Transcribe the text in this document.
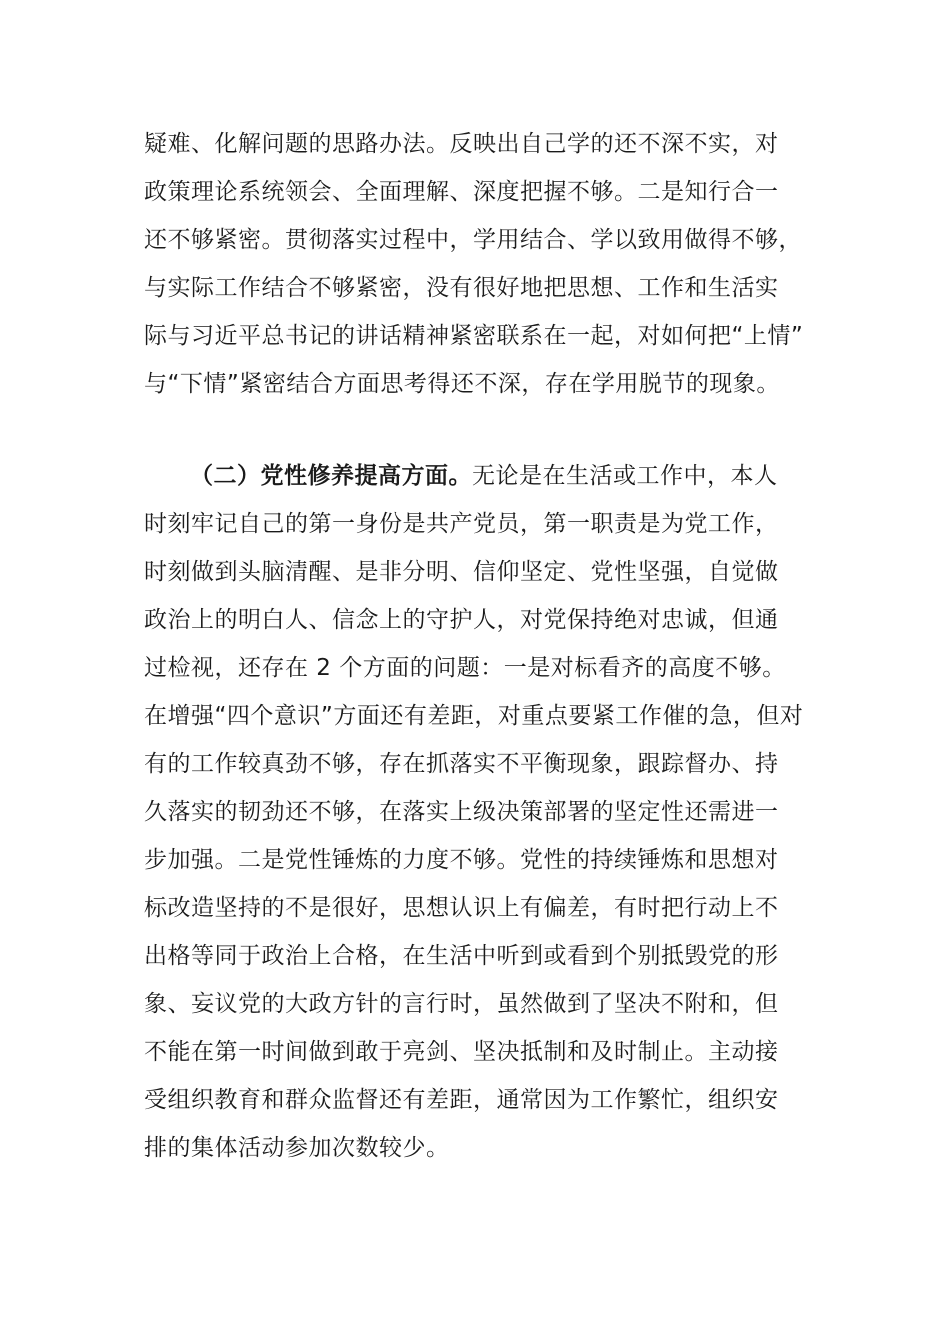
疑难、化解问题的思路办法。反映出自己学的还不深不实，对
政策理论系统领会、全面理解、深度把握不够。二是知行合一
还不够紧密。贯彻落实过程中，学用结合、学以致用做得不够，
与实际工作结合不够紧密，没有很好地把思想、工作和生活实
际与习近平总书记的讲话精神紧密联系在一起，对如何把“上情”
与“下情”紧密结合方面思考得还不深，存在学用脱节的现象。
（二）党性修养提高方面。无论是在生活或工作中，本人
时刻牢记自己的第一身份是共产党员，第一职责是为党工作，
时刻做到头脑清醒、是非分明、信仰坚定、党性坚强，自觉做
政治上的明白人、信念上的守护人，对党保持绝对忠诚，但通
过检视，还存在 2 个方面的问题：一是对标看齐的高度不够。
在增强“四个意识”方面还有差距，对重点要紧工作催的急，但对
有的工作较真劲不够，存在抓落实不平衡现象，跟踪督办、持
久落实的韧劲还不够，在落实上级决策部署的坚定性还需进一
步加强。二是党性锤炼的力度不够。党性的持续锤炼和思想对
标改造坚持的不是很好，思想认识上有偏差，有时把行动上不
出格等同于政治上合格，在生活中听到或看到个别抵毁党的形
象、妄议党的大政方针的言行时，虽然做到了坚决不附和，但
不能在第一时间做到敢于亮剑、坚决抵制和及时制止。主动接
受组织教育和群众监督还有差距，通常因为工作繁忙，组织安
排的集体活动参加次数较少。
